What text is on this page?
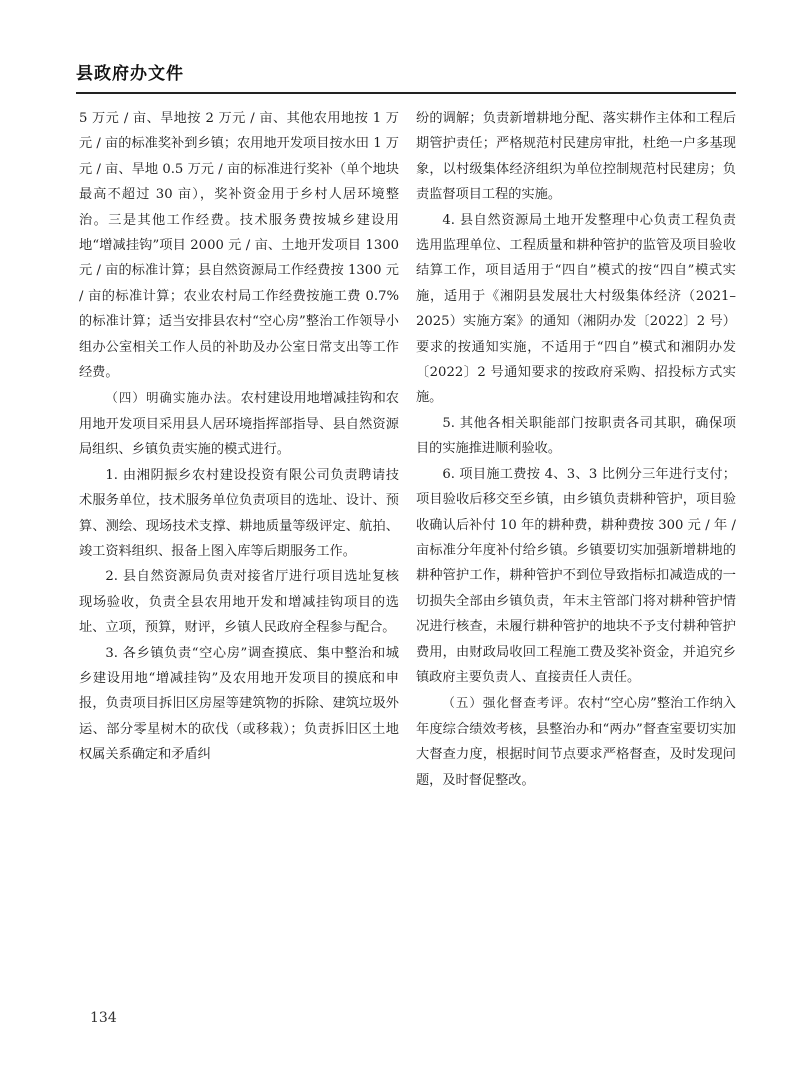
县政府办文件

5 万元 / 亩、旱地按 2 万元 / 亩、其他农用地按 1 万元 / 亩的标准奖补到乡镇；农用地开发项目按水田 1 万元 / 亩、旱地 0.5 万元 / 亩的标准进行奖补（单个地块最高不超过 30 亩），奖补资金用于乡村人居环境整治。三是其他工作经费。技术服务费按城乡建设用地“增减挂钩”项目 2000 元 / 亩、土地开发项目 1300 元 / 亩的标准计算；县自然资源局工作经费按 1300 元 / 亩的标准计算；农业农村局工作经费按施工费 0.7% 的标准计算；适当安排县农村“空心房”整治工作领导小组办公室相关工作人员的补助及办公室日常支出等工作经费。

（四）明确实施办法。农村建设用地增减挂钩和农用地开发项目采用县人居环境指挥部指导、县自然资源局组织、乡镇负责实施的模式进行。

1. 由湘阴振乡农村建设投资有限公司负责聘请技术服务单位，技术服务单位负责项目的选址、设计、预算、测绘、现场技术支撑、耕地质量等级评定、航拍、竣工资料组织、报备上图入库等后期服务工作。

2. 县自然资源局负责对接省厅进行项目选址复核现场验收，负责全县农用地开发和增减挂钩项目的选址、立项，预算，财评，乡镇人民政府全程参与配合。

3. 各乡镇负责“空心房”调查摸底、集中整治和城乡建设用地“增减挂钩”及农用地开发项目的摸底和申报，负责项目拆旧区房屋等建筑物的拆除、建筑垃圾外运、部分零星树木的砍伐（或移栽）；负责拆旧区土地权属关系确定和矛盾纠

纷的调解；负责新增耕地分配、落实耕作主体和工程后期管护责任；严格规范村民建房审批，杜绝一户多基现象，以村级集体经济组织为单位控制规范村民建房；负责监督项目工程的实施。

4. 县自然资源局土地开发整理中心负责工程负责选用监理单位、工程质量和耕种管护的监管及项目验收结算工作，项目适用于“四自”模式的按“四自”模式实施，适用于《湘阴县发展壮大村级集体经济（2021–2025）实施方案》的通知（湘阴办发〔2022〕2 号）要求的按通知实施，不适用于“四自”模式和湘阴办发〔2022〕2 号通知要求的按政府采购、招投标方式实施。

5. 其他各相关职能部门按职责各司其职，确保项目的实施推进顺利验收。

6. 项目施工费按 4、3、3 比例分三年进行支付；项目验收后移交至乡镇，由乡镇负责耕种管护，项目验收确认后补付 10 年的耕种费，耕种费按 300 元 / 年 / 亩标准分年度补付给乡镇。乡镇要切实加强新增耕地的耕种管护工作，耕种管护不到位导致指标扣减造成的一切损失全部由乡镇负责，年末主管部门将对耕种管护情况进行核查，未履行耕种管护的地块不予支付耕种管护费用，由财政局收回工程施工费及奖补资金，并追究乡镇政府主要负责人、直接责任人责任。

（五）强化督查考评。农村“空心房”整治工作纳入年度综合绩效考核，县整治办和“两办”督查室要切实加大督查力度，根据时间节点要求严格督查，及时发现问题，及时督促整改。

134
